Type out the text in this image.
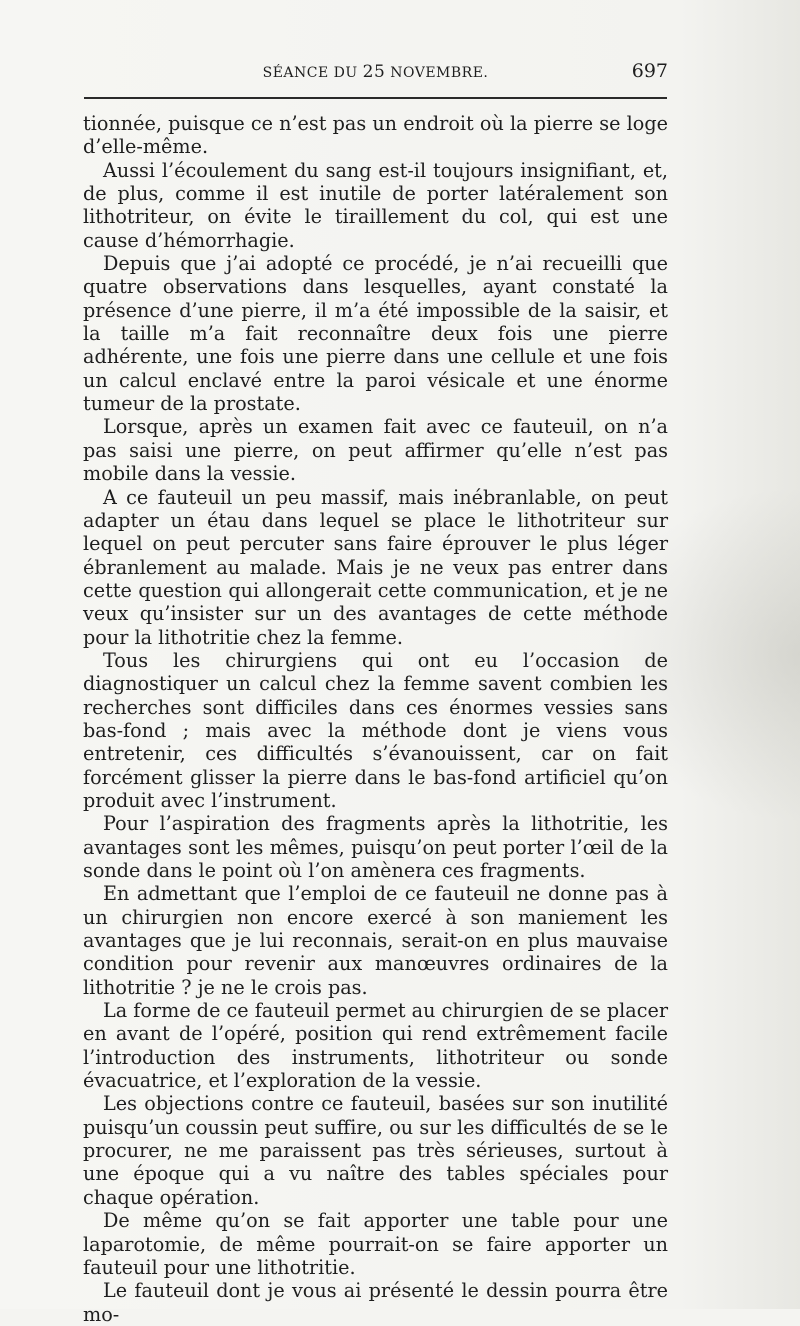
SÉANCE DU 25 NOVEMBRE.	697

tionnée, puisque ce n’est pas un endroit où la pierre se loge d’elle-même.

Aussi l’écoulement du sang est-il toujours insignifiant, et, de plus, comme il est inutile de porter latéralement son lithotriteur, on évite le tiraillement du col, qui est une cause d’hémorrhagie.

Depuis que j’ai adopté ce procédé, je n’ai recueilli que quatre observations dans lesquelles, ayant constaté la présence d’une pierre, il m’a été impossible de la saisir, et la taille m’a fait reconnaître deux fois une pierre adhérente, une fois une pierre dans une cellule et une fois un calcul enclavé entre la paroi vésicale et une énorme tumeur de la prostate.

Lorsque, après un examen fait avec ce fauteuil, on n’a pas saisi une pierre, on peut affirmer qu’elle n’est pas mobile dans la vessie.

A ce fauteuil un peu massif, mais inébranlable, on peut adapter un étau dans lequel se place le lithotriteur sur lequel on peut percuter sans faire éprouver le plus léger ébranlement au malade. Mais je ne veux pas entrer dans cette question qui allongerait cette communication, et je ne veux qu’insister sur un des avantages de cette méthode pour la lithotritie chez la femme.

Tous les chirurgiens qui ont eu l’occasion de diagnostiquer un calcul chez la femme savent combien les recherches sont difficiles dans ces énormes vessies sans bas-fond ; mais avec la méthode dont je viens vous entretenir, ces difficultés s’évanouissent, car on fait forcément glisser la pierre dans le bas-fond artificiel qu’on produit avec l’instrument.

Pour l’aspiration des fragments après la lithotritie, les avantages sont les mêmes, puisqu’on peut porter l’œil de la sonde dans le point où l’on amènera ces fragments.

En admettant que l’emploi de ce fauteuil ne donne pas à un chirurgien non encore exercé à son maniement les avantages que je lui reconnais, serait-on en plus mauvaise condition pour revenir aux manœuvres ordinaires de la lithotritie ? je ne le crois pas.

La forme de ce fauteuil permet au chirurgien de se placer en avant de l’opéré, position qui rend extrêmement facile l’introduction des instruments, lithotriteur ou sonde évacuatrice, et l’exploration de la vessie.

Les objections contre ce fauteuil, basées sur son inutilité puisqu’un coussin peut suffire, ou sur les difficultés de se le procurer, ne me paraissent pas très sérieuses, surtout à une époque qui a vu naître des tables spéciales pour chaque opération.

De même qu’on se fait apporter une table pour une laparotomie, de même pourrait-on se faire apporter un fauteuil pour une lithotritie.

Le fauteuil dont je vous ai présenté le dessin pourra être mo-
